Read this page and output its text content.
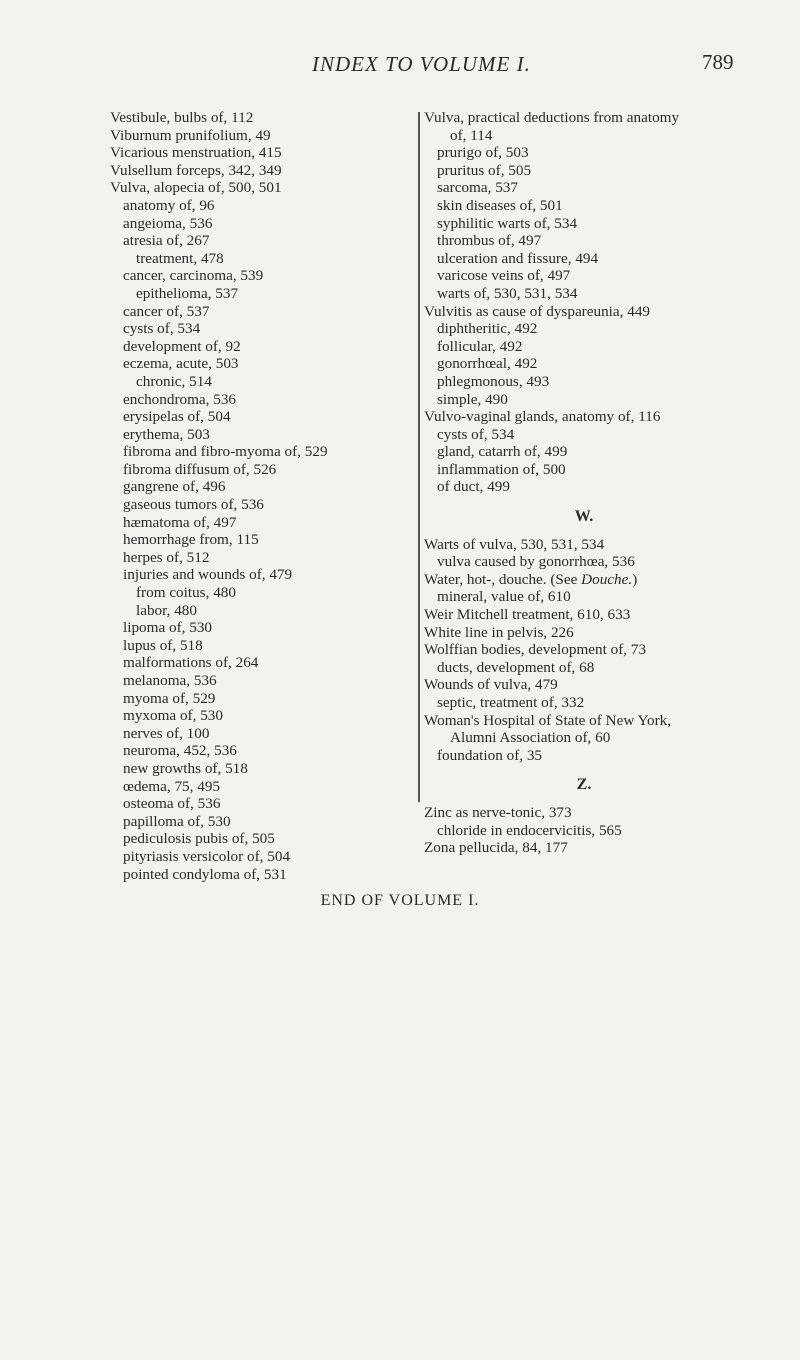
INDEX TO VOLUME I.	789
Vestibule, bulbs of, 112
Viburnum prunifolium, 49
Vicarious menstruation, 415
Vulsellum forceps, 342, 349
Vulva, alopecia of, 500, 501
anatomy of, 96
angeioma, 536
atresia of, 267
treatment, 478
cancer, carcinoma, 539
epithelioma, 537
cancer of, 537
cysts of, 534
development of, 92
eczema, acute, 503
chronic, 514
enchondroma, 536
erysipelas of, 504
erythema, 503
fibroma and fibro-myoma of, 529
fibroma diffusum of, 526
gangrene of, 496
gaseous tumors of, 536
hæmatoma of, 497
hemorrhage from, 115
herpes of, 512
injuries and wounds of, 479
from coitus, 480
labor, 480
lipoma of, 530
lupus of, 518
malformations of, 264
melanoma, 536
myoma of, 529
myxoma of, 530
nerves of, 100
neuroma, 452, 536
new growths of, 518
œdema, 75, 495
osteoma of, 536
papilloma of, 530
pediculosis pubis of, 505
pityriasis versicolor of, 504
pointed condyloma of, 531
Vulva, practical deductions from anatomy
of, 114
prurigo of, 503
pruritus of, 505
sarcoma, 537
skin diseases of, 501
syphilitic warts of, 534
thrombus of, 497
ulceration and fissure, 494
varicose veins of, 497
warts of, 530, 531, 534
Vulvitis as cause of dyspareunia, 449
diphtheritic, 492
follicular, 492
gonorrhœal, 492
phlegmonous, 493
simple, 490
Vulvo-vaginal glands, anatomy of, 116
cysts of, 534
gland, catarrh of, 499
inflammation of, 500
of duct, 499
W.
Warts of vulva, 530, 531, 534
vulva caused by gonorrhœa, 536
Water, hot-, douche. (See Douche.)
mineral, value of, 610
Weir Mitchell treatment, 610, 633
White line in pelvis, 226
Wolffian bodies, development of, 73
ducts, development of, 68
Wounds of vulva, 479
septic, treatment of, 332
Woman's Hospital of State of New York,
Alumni Association of, 60
foundation of, 35
Z.
Zinc as nerve-tonic, 373
chloride in endocervicitis, 565
Zona pellucida, 84, 177
END OF VOLUME I.
